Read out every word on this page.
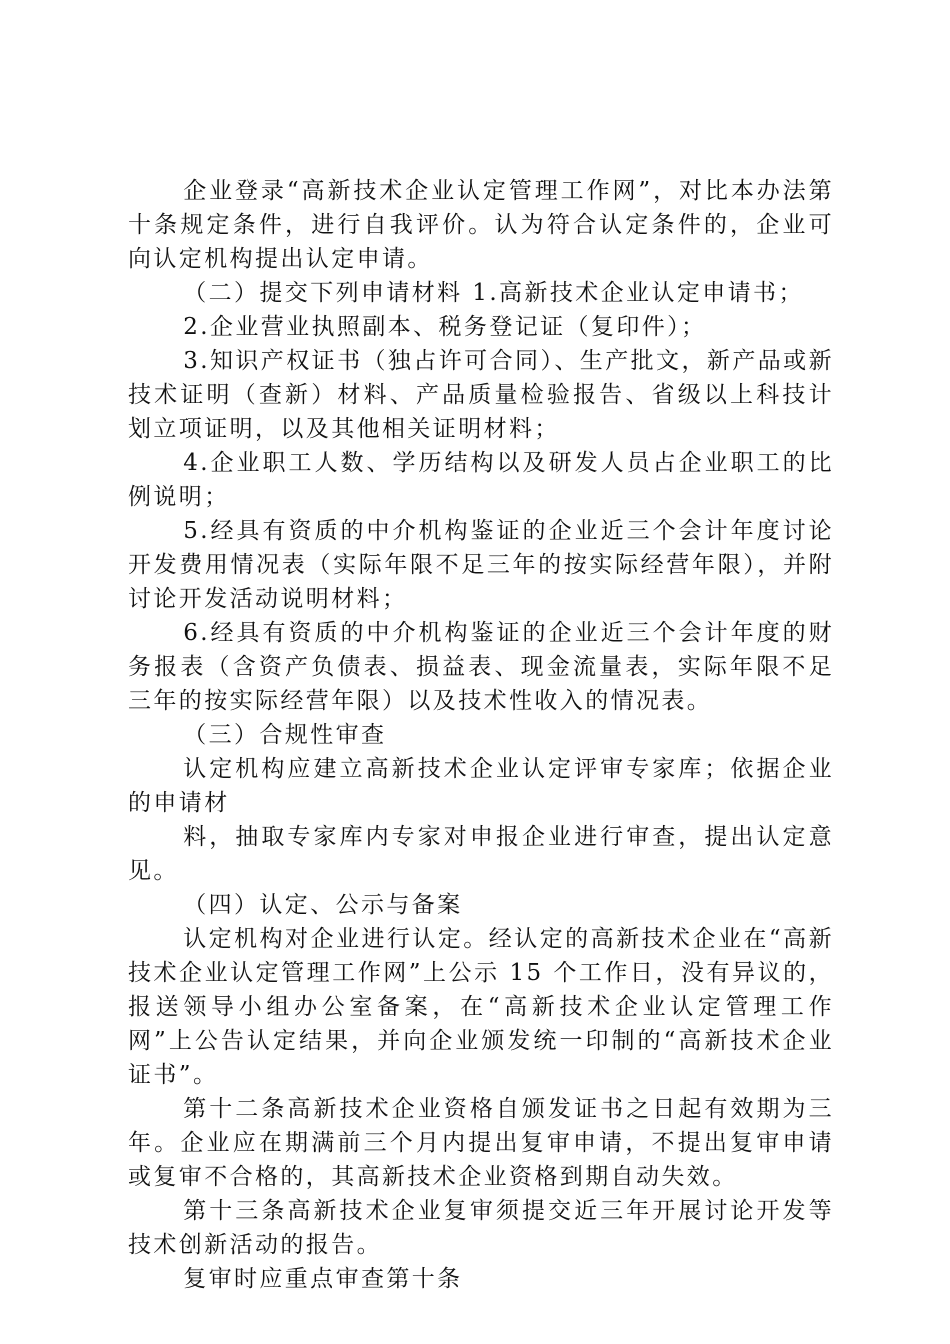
企业登录“高新技术企业认定管理工作网”，对比本办法第十条规定条件，进行自我评价。认为符合认定条件的，企业可向认定机构提出认定申请。

（二）提交下列申请材料 1.高新技术企业认定申请书；

2.企业营业执照副本、税务登记证（复印件）；

3.知识产权证书（独占许可合同）、生产批文，新产品或新技术证明（查新）材料、产品质量检验报告、省级以上科技计划立项证明，以及其他相关证明材料；

4.企业职工人数、学历结构以及研发人员占企业职工的比例说明；

5.经具有资质的中介机构鉴证的企业近三个会计年度讨论开发费用情况表（实际年限不足三年的按实际经营年限），并附讨论开发活动说明材料；

6.经具有资质的中介机构鉴证的企业近三个会计年度的财务报表（含资产负债表、损益表、现金流量表，实际年限不足三年的按实际经营年限）以及技术性收入的情况表。

（三）合规性审查

认定机构应建立高新技术企业认定评审专家库；依据企业的申请材

料，抽取专家库内专家对申报企业进行审查，提出认定意见。

（四）认定、公示与备案

认定机构对企业进行认定。经认定的高新技术企业在“高新技术企业认定管理工作网”上公示 15 个工作日，没有异议的，报送领导小组办公室备案，在“高新技术企业认定管理工作网”上公告认定结果，并向企业颁发统一印制的“高新技术企业证书”。

第十二条高新技术企业资格自颁发证书之日起有效期为三年。企业应在期满前三个月内提出复审申请，不提出复审申请或复审不合格的，其高新技术企业资格到期自动失效。

第十三条高新技术企业复审须提交近三年开展讨论开发等技术创新活动的报告。

复审时应重点审查第十条
